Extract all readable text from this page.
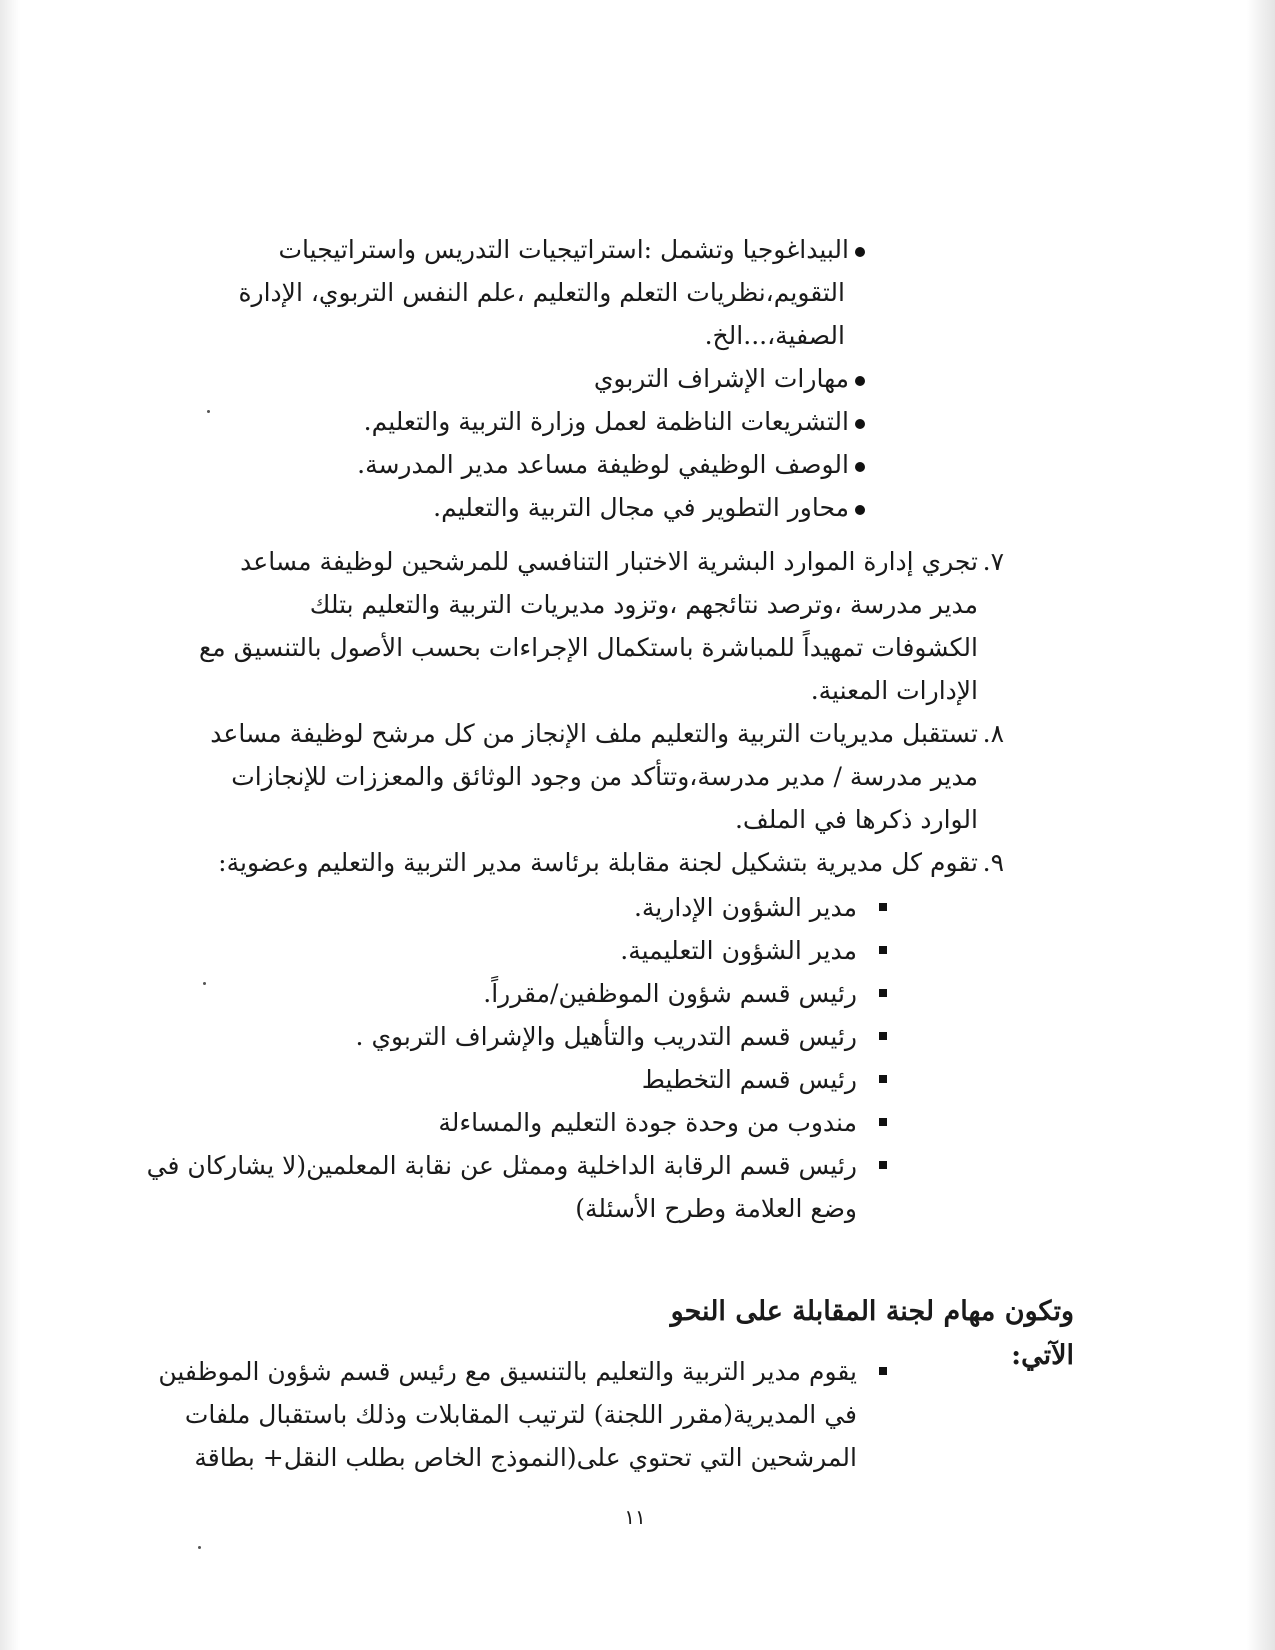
البيداغوجيا وتشمل :استراتيجيات التدريس واستراتيجيات
التقويم،نظريات التعلم والتعليم ،علم النفس التربوي، الإدارة
الصفية،...الخ.
مهارات الإشراف التربوي
التشريعات الناظمة لعمل وزارة التربية والتعليم.
الوصف الوظيفي لوظيفة مساعد مدير المدرسة.
محاور التطوير في مجال التربية والتعليم.
٧.
تجري إدارة الموارد البشرية الاختبار التنافسي للمرشحين لوظيفة مساعد
مدير مدرسة ،وترصد نتائجهم ،وتزود مديريات التربية والتعليم بتلك
الكشوفات تمهيداً للمباشرة باستكمال الإجراءات بحسب الأصول بالتنسيق مع
الإدارات المعنية.
٨.
تستقبل مديريات التربية والتعليم ملف الإنجاز من كل مرشح لوظيفة مساعد
مدير مدرسة / مدير مدرسة،وتتأكد من وجود الوثائق والمعززات للإنجازات
الوارد ذكرها في الملف.
٩.
تقوم كل مديرية بتشكيل لجنة مقابلة برئاسة مدير التربية والتعليم وعضوية:
مدير الشؤون الإدارية.
مدير الشؤون التعليمية.
رئيس قسم شؤون الموظفين/مقرراً.
رئيس قسم التدريب والتأهيل والإشراف التربوي .
رئيس قسم التخطيط
مندوب من وحدة جودة التعليم والمساءلة
رئيس قسم الرقابة الداخلية وممثل عن نقابة المعلمين(لا يشاركان في
وضع العلامة وطرح الأسئلة)
وتكون مهام لجنة المقابلة على النحو الآتي:
يقوم مدير التربية والتعليم بالتنسيق مع رئيس قسم شؤون الموظفين
في المديرية(مقرر اللجنة) لترتيب المقابلات وذلك باستقبال ملفات
المرشحين التي تحتوي على(النموذج الخاص بطلب النقل+ بطاقة
١١
